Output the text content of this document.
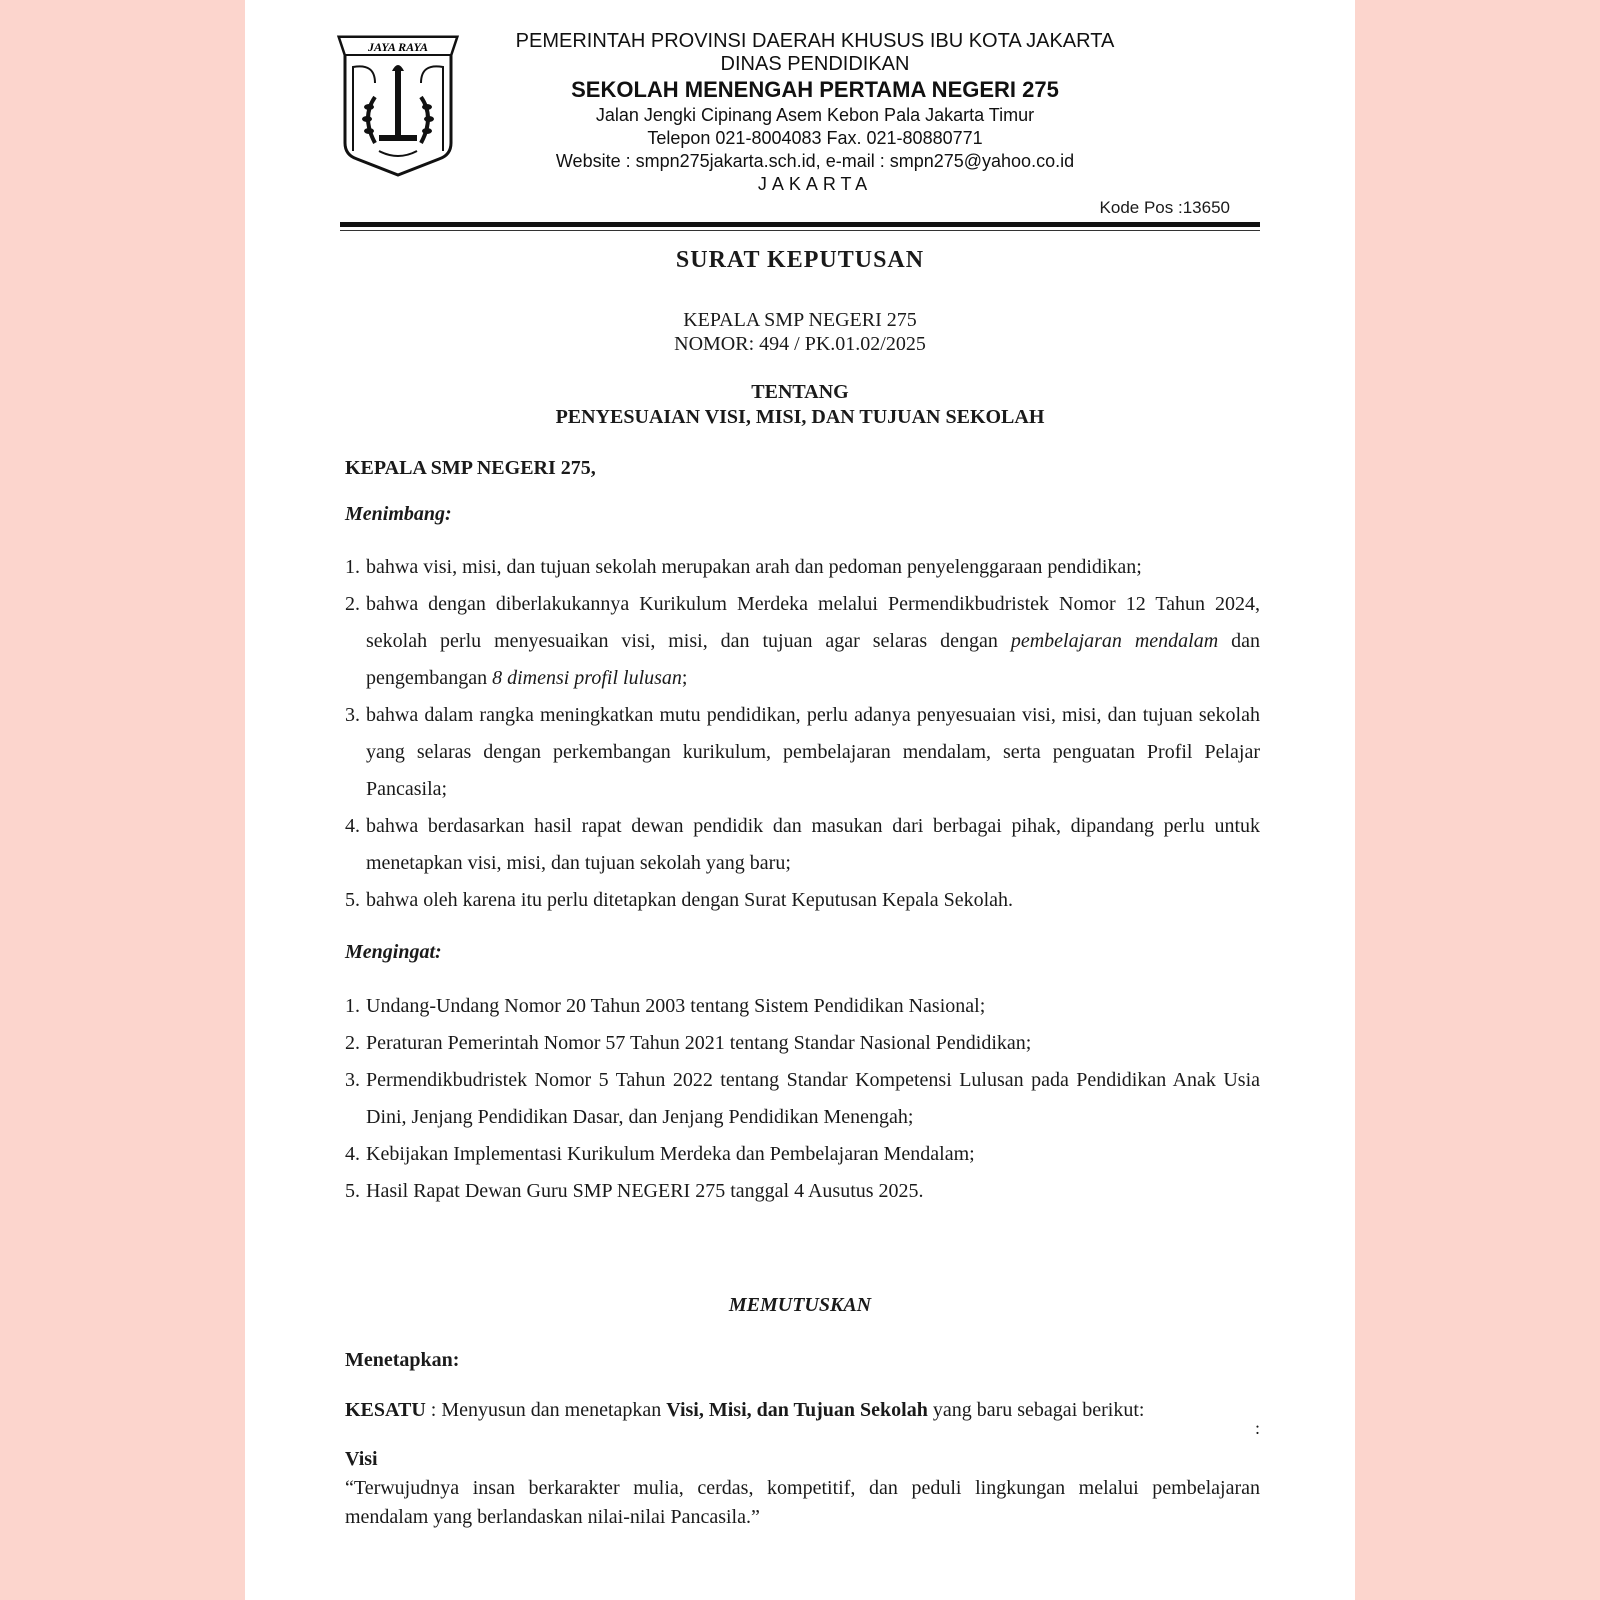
JAYA RAYA	PEMERINTAH PROVINSI DAERAH KHUSUS IBU KOTA JAKARTA
DINAS PENDIDIKAN
SEKOLAH MENENGAH PERTAMA NEGERI 275
Jalan Jengki Cipinang Asem Kebon Pala Jakarta Timur
Telepon 021-8004083 Fax. 021-80880771
Website : smpn275jakarta.sch.id, e-mail : smpn275@yahoo.co.id
JAKARTA
Kode Pos :13650
SURAT KEPUTUSAN
KEPALA SMP NEGERI 275
NOMOR: 494 / PK.01.02/2025
TENTANG
PENYESUAIAN VISI, MISI, DAN TUJUAN SEKOLAH
KEPALA SMP NEGERI 275,
Menimbang:
1. bahwa visi, misi, dan tujuan sekolah merupakan arah dan pedoman penyelenggaraan pendidikan;
2. bahwa dengan diberlakukannya Kurikulum Merdeka melalui Permendikbudristek Nomor 12 Tahun 2024, sekolah perlu menyesuaikan visi, misi, dan tujuan agar selaras dengan pembelajaran mendalam dan pengembangan 8 dimensi profil lulusan;
3. bahwa dalam rangka meningkatkan mutu pendidikan, perlu adanya penyesuaian visi, misi, dan tujuan sekolah yang selaras dengan perkembangan kurikulum, pembelajaran mendalam, serta penguatan Profil Pelajar Pancasila;
4. bahwa berdasarkan hasil rapat dewan pendidik dan masukan dari berbagai pihak, dipandang perlu untuk menetapkan visi, misi, dan tujuan sekolah yang baru;
5. bahwa oleh karena itu perlu ditetapkan dengan Surat Keputusan Kepala Sekolah.
Mengingat:
1. Undang-Undang Nomor 20 Tahun 2003 tentang Sistem Pendidikan Nasional;
2. Peraturan Pemerintah Nomor 57 Tahun 2021 tentang Standar Nasional Pendidikan;
3. Permendikbudristek Nomor 5 Tahun 2022 tentang Standar Kompetensi Lulusan pada Pendidikan Anak Usia Dini, Jenjang Pendidikan Dasar, dan Jenjang Pendidikan Menengah;
4. Kebijakan Implementasi Kurikulum Merdeka dan Pembelajaran Mendalam;
5. Hasil Rapat Dewan Guru SMP NEGERI 275 tanggal 4 Ausutus 2025.
MEMUTUSKAN
Menetapkan:
KESATU : Menyusun dan menetapkan Visi, Misi, dan Tujuan Sekolah yang baru sebagai berikut:
Visi
:
“Terwujudnya insan berkarakter mulia, cerdas, kompetitif, dan peduli lingkungan melalui pembelajaran mendalam yang berlandaskan nilai-nilai Pancasila.”
